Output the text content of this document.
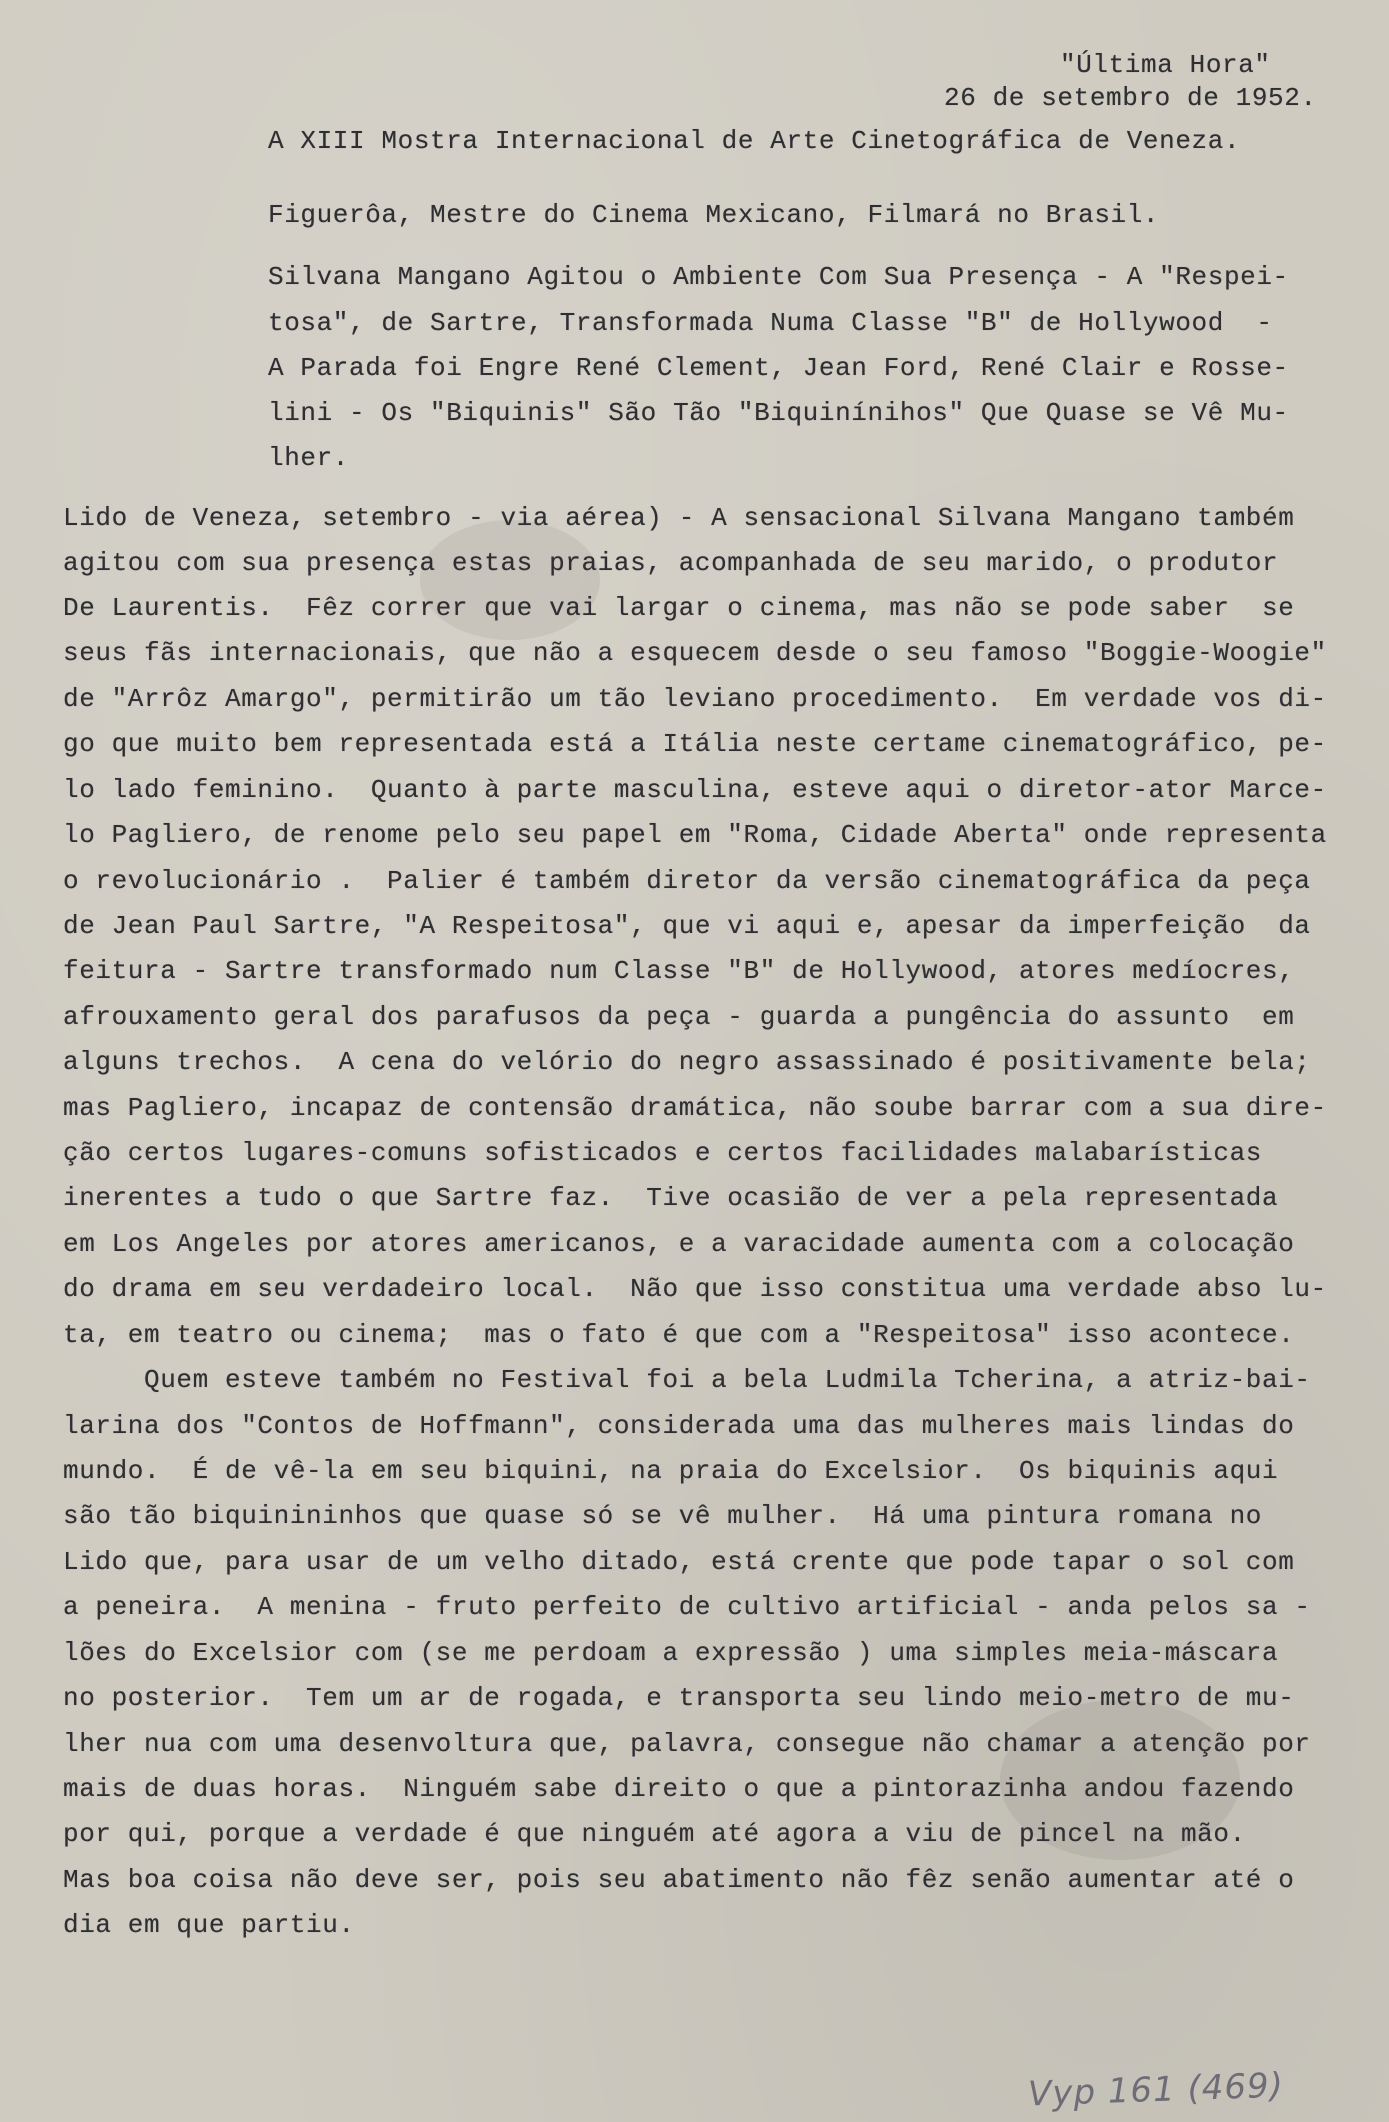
"Última Hora"
26 de setembro de 1952.
A XIII Mostra Internacional de Arte Cinetográfica de Veneza.
Figuerôa, Mestre do Cinema Mexicano, Filmará no Brasil.
Silvana Mangano Agitou o Ambiente Com Sua Presença - A "Respei-
tosa", de Sartre, Transformada Numa Classe "B" de Hollywood  -
A Parada foi Engre René Clement, Jean Ford, René Clair e Rosse-
lini - Os "Biquinis" São Tão "Biquinínihos" Que Quase se Vê Mu-
lher.
Lido de Veneza, setembro - via aérea) - A sensacional Silvana Mangano também
agitou com sua presença estas praias, acompanhada de seu marido, o produtor
De Laurentis.  Fêz correr que vai largar o cinema, mas não se pode saber  se
seus fãs internacionais, que não a esquecem desde o seu famoso "Boggie-Woogie"
de "Arrôz Amargo", permitirão um tão leviano procedimento.  Em verdade vos di-
go que muito bem representada está a Itália neste certame cinematográfico, pe-
lo lado feminino.  Quanto à parte masculina, esteve aqui o diretor-ator Marce-
lo Pagliero, de renome pelo seu papel em "Roma, Cidade Aberta" onde representa
o revolucionário .  Palier é também diretor da versão cinematográfica da peça
de Jean Paul Sartre, "A Respeitosa", que vi aqui e, apesar da imperfeição  da
feitura - Sartre transformado num Classe "B" de Hollywood, atores medíocres,
afrouxamento geral dos parafusos da peça - guarda a pungência do assunto  em
alguns trechos.  A cena do velório do negro assassinado é positivamente bela;
mas Pagliero, incapaz de contensão dramática, não soube barrar com a sua dire-
ção certos lugares-comuns sofisticados e certos facilidades malabarísticas
inerentes a tudo o que Sartre faz.  Tive ocasião de ver a pela representada
em Los Angeles por atores americanos, e a varacidade aumenta com a colocação
do drama em seu verdadeiro local.  Não que isso constitua uma verdade abso lu-
ta, em teatro ou cinema;  mas o fato é que com a "Respeitosa" isso acontece.
Quem esteve também no Festival foi a bela Ludmila Tcherina, a atriz-bai-
larina dos "Contos de Hoffmann", considerada uma das mulheres mais lindas do
mundo.  É de vê-la em seu biquini, na praia do Excelsior.  Os biquinis aqui
são tão biquinininhos que quase só se vê mulher.  Há uma pintura romana no
Lido que, para usar de um velho ditado, está crente que pode tapar o sol com
a peneira.  A menina - fruto perfeito de cultivo artificial - anda pelos sa -
lões do Excelsior com (se me perdoam a expressão ) uma simples meia-máscara
no posterior.  Tem um ar de rogada, e transporta seu lindo meio-metro de mu-
lher nua com uma desenvoltura que, palavra, consegue não chamar a atenção por
mais de duas horas.  Ninguém sabe direito o que a pintorazinha andou fazendo
por qui, porque a verdade é que ninguém até agora a viu de pincel na mão.
Mas boa coisa não deve ser, pois seu abatimento não fêz senão aumentar até o
dia em que partiu.
Vyp 161 (469)
